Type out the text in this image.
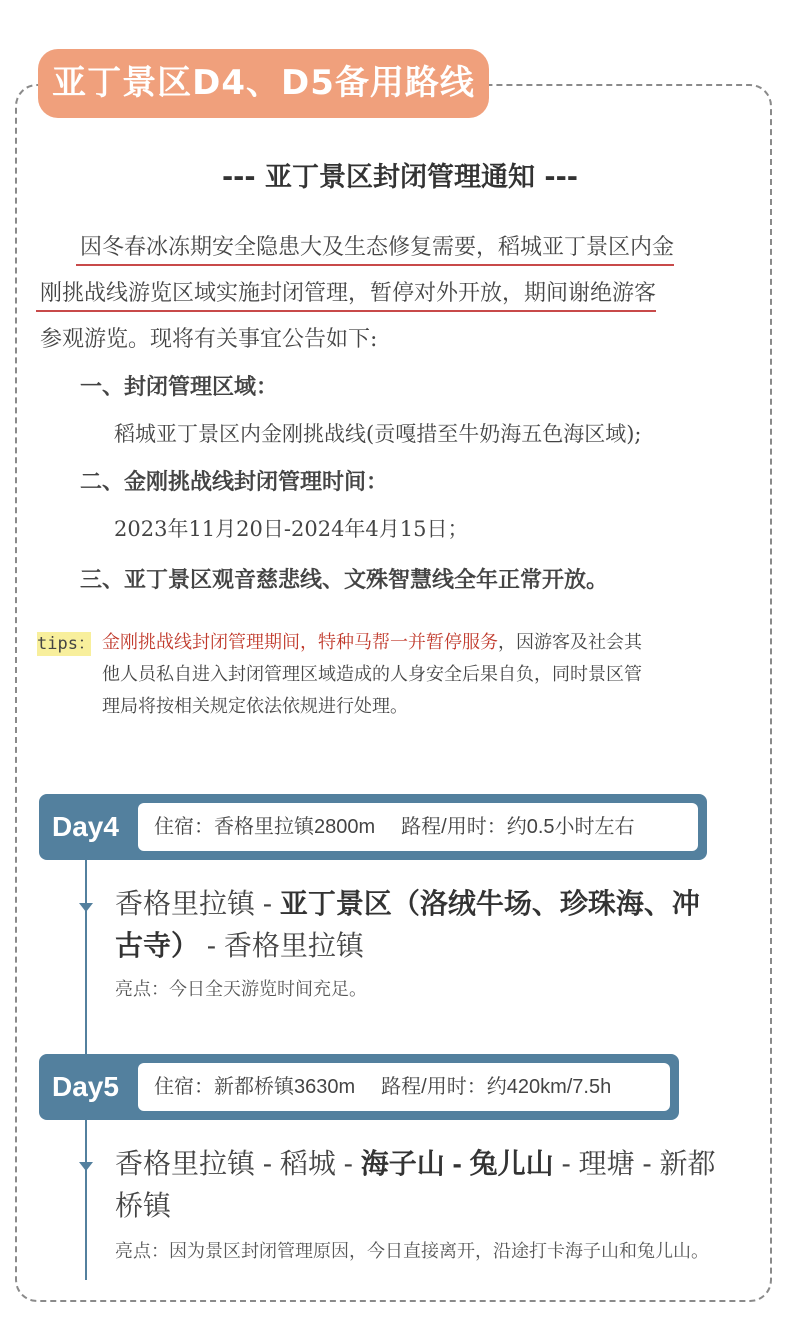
亚丁景区D4、D5备用路线
--- 亚丁景区封闭管理通知 ---

因冬春冰冻期安全隐患大及生态修复需要，稻城亚丁景区内金

刚挑战线游览区域实施封闭管理，暂停对外开放，期间谢绝游客

参观游览。现将有关事宜公告如下:

一、封闭管理区域：
稻城亚丁景区内金刚挑战线(贡嘎措至牛奶海五色海区域);
二、金刚挑战线封闭管理时间：
2023年11月20日-2024年4月15日；
三、亚丁景区观音慈悲线、文殊智慧线全年正常开放。
tips： 金刚挑战线封闭管理期间，特种马帮一并暂停服务，因游客及社会其

他人员私自进入封闭管理区域造成的人身安全后果自负，同时景区管

理局将按相关规定依法依规进行处理。

Day4	住宿：香格里拉镇2800m 路程/用时：约0.5小时左右
香格里拉镇 - 亚丁景区（洛绒牛场、珍珠海、冲
古寺） - 香格里拉镇
亮点：今日全天游览时间充足。
Day5	住宿：新都桥镇3630m 路程/用时：约420km/7.5h
香格里拉镇 - 稻城 - 海子山 - 兔儿山 - 理塘 - 新都
桥镇
亮点：因为景区封闭管理原因，今日直接离开，沿途打卡海子山和兔儿山。
